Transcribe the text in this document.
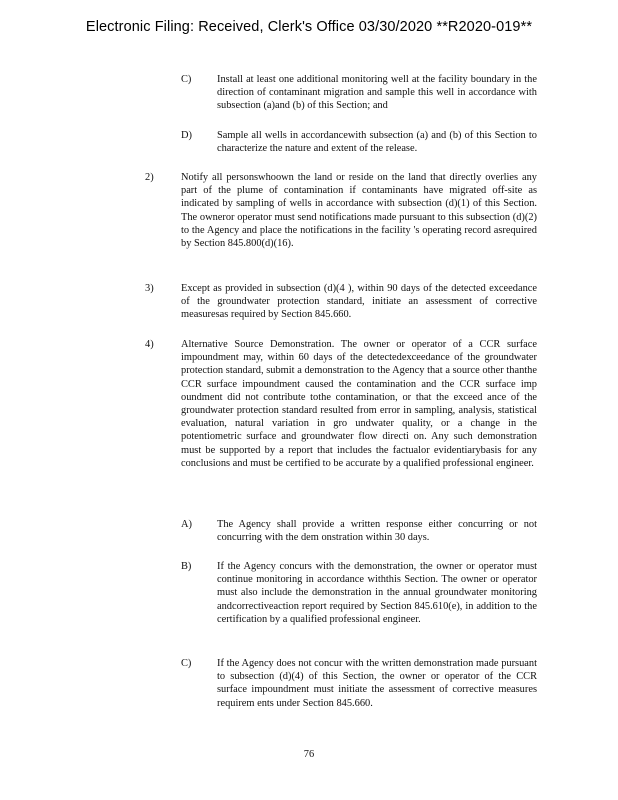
Electronic Filing: Received, Clerk's Office 03/30/2020 **R2020-019**
C) Install at least one additional monitoring well at the facility boundary in the direction of contaminant migration and sample this well in accordance with subsection (a)and (b) of this Section; and
D) Sample all wells in accordancewith subsection (a) and (b) of this Section to characterize the nature and extent of the release.
2)	Notify all personswhoown the land or reside on the land that directly overlies any part of the plume of contamination if contaminants have migrated off-site as indicated by sampling of wells in accordance with subsection (d)(1) of this Section. The owneror operator must send notifications made pursuant to this subsection (d)(2) to the Agency and place the notifications in the facility 's operating record asrequired by Section 845.800(d)(16).
3)	Except as provided in subsection (d)(4 ), within 90 days of the detected exceedance of the groundwater protection standard, initiate an assessment of corrective measuresas required by Section 845.660.
4)	Alternative Source Demonstration. The owner or operator of a CCR surface impoundment may, within 60 days of the detectedexceedance of the groundwater protection standard, submit a demonstration to the Agency that a source other thanthe CCR surface impoundment caused the contamination and the CCR surface imp oundment did not contribute tothe contamination, or that the exceed ance of the groundwater protection standard resulted from error in sampling, analysis, statistical evaluation, natural variation in gro undwater quality, or a change in the potentiometric surface and groundwater flow directi on. Any such demonstration must be supported by a report that includes the factualor evidentiarybasis for any conclusions and must be certified to be accurate by a qualified professional engineer.
A) The Agency shall provide a written response either concurring or not concurring with the dem onstration within 30 days.
B) If the Agency concurs with the demonstration, the owner or operator must continue monitoring in accordance withthis Section. The owner or operator must also include the demonstration in the annual groundwater monitoring andcorrectiveaction report required by Section 845.610(e), in addition to the certification by a qualified professional engineer.
C) If the Agency does not concur with the written demonstration made pursuant to subsection (d)(4) of this Section, the owner or operator of the CCR surface impoundment must initiate the assessment of corrective measures requirem ents under Section 845.660.
76
